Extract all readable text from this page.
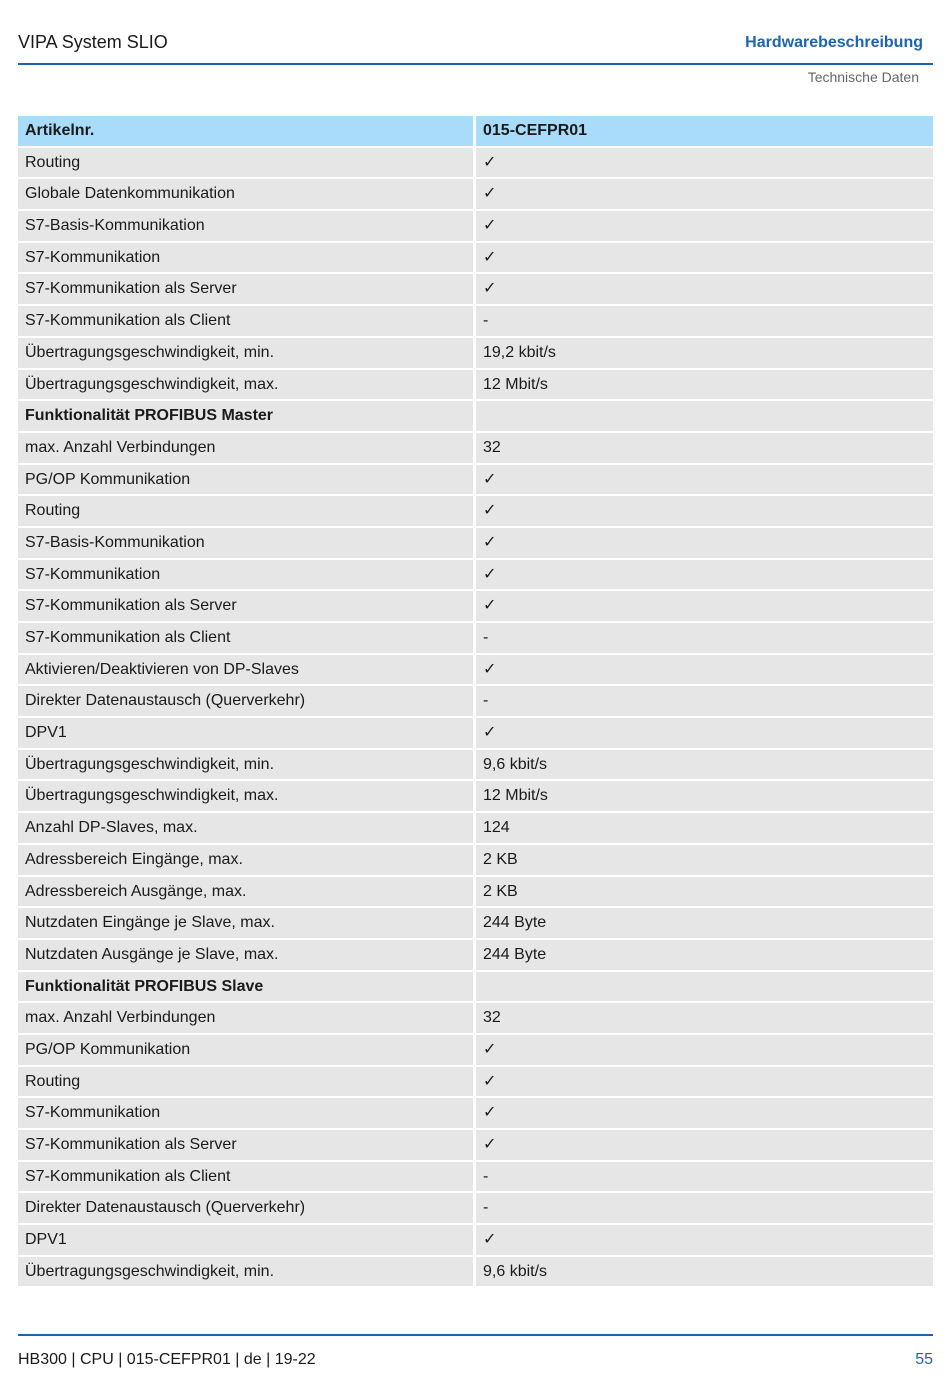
VIPA System SLIO	Hardwarebeschreibung
Technische Daten
Artikelnr.	015-CEFPR01
Routing	✓
Globale Datenkommunikation	✓
S7-Basis-Kommunikation	✓
S7-Kommunikation	✓
S7-Kommunikation als Server	✓
S7-Kommunikation als Client	-
Übertragungsgeschwindigkeit, min.	19,2 kbit/s
Übertragungsgeschwindigkeit, max.	12 Mbit/s
Funktionalität PROFIBUS Master
max. Anzahl Verbindungen	32
PG/OP Kommunikation	✓
Routing	✓
S7-Basis-Kommunikation	✓
S7-Kommunikation	✓
S7-Kommunikation als Server	✓
S7-Kommunikation als Client	-
Aktivieren/Deaktivieren von DP-Slaves	✓
Direkter Datenaustausch (Querverkehr)	-
DPV1	✓
Übertragungsgeschwindigkeit, min.	9,6 kbit/s
Übertragungsgeschwindigkeit, max.	12 Mbit/s
Anzahl DP-Slaves, max.	124
Adressbereich Eingänge, max.	2 KB
Adressbereich Ausgänge, max.	2 KB
Nutzdaten Eingänge je Slave, max.	244 Byte
Nutzdaten Ausgänge je Slave, max.	244 Byte
Funktionalität PROFIBUS Slave
max. Anzahl Verbindungen	32
PG/OP Kommunikation	✓
Routing	✓
S7-Kommunikation	✓
S7-Kommunikation als Server	✓
S7-Kommunikation als Client	-
Direkter Datenaustausch (Querverkehr)	-
DPV1	✓
Übertragungsgeschwindigkeit, min.	9,6 kbit/s
HB300 | CPU | 015-CEFPR01 | de | 19-22	55
